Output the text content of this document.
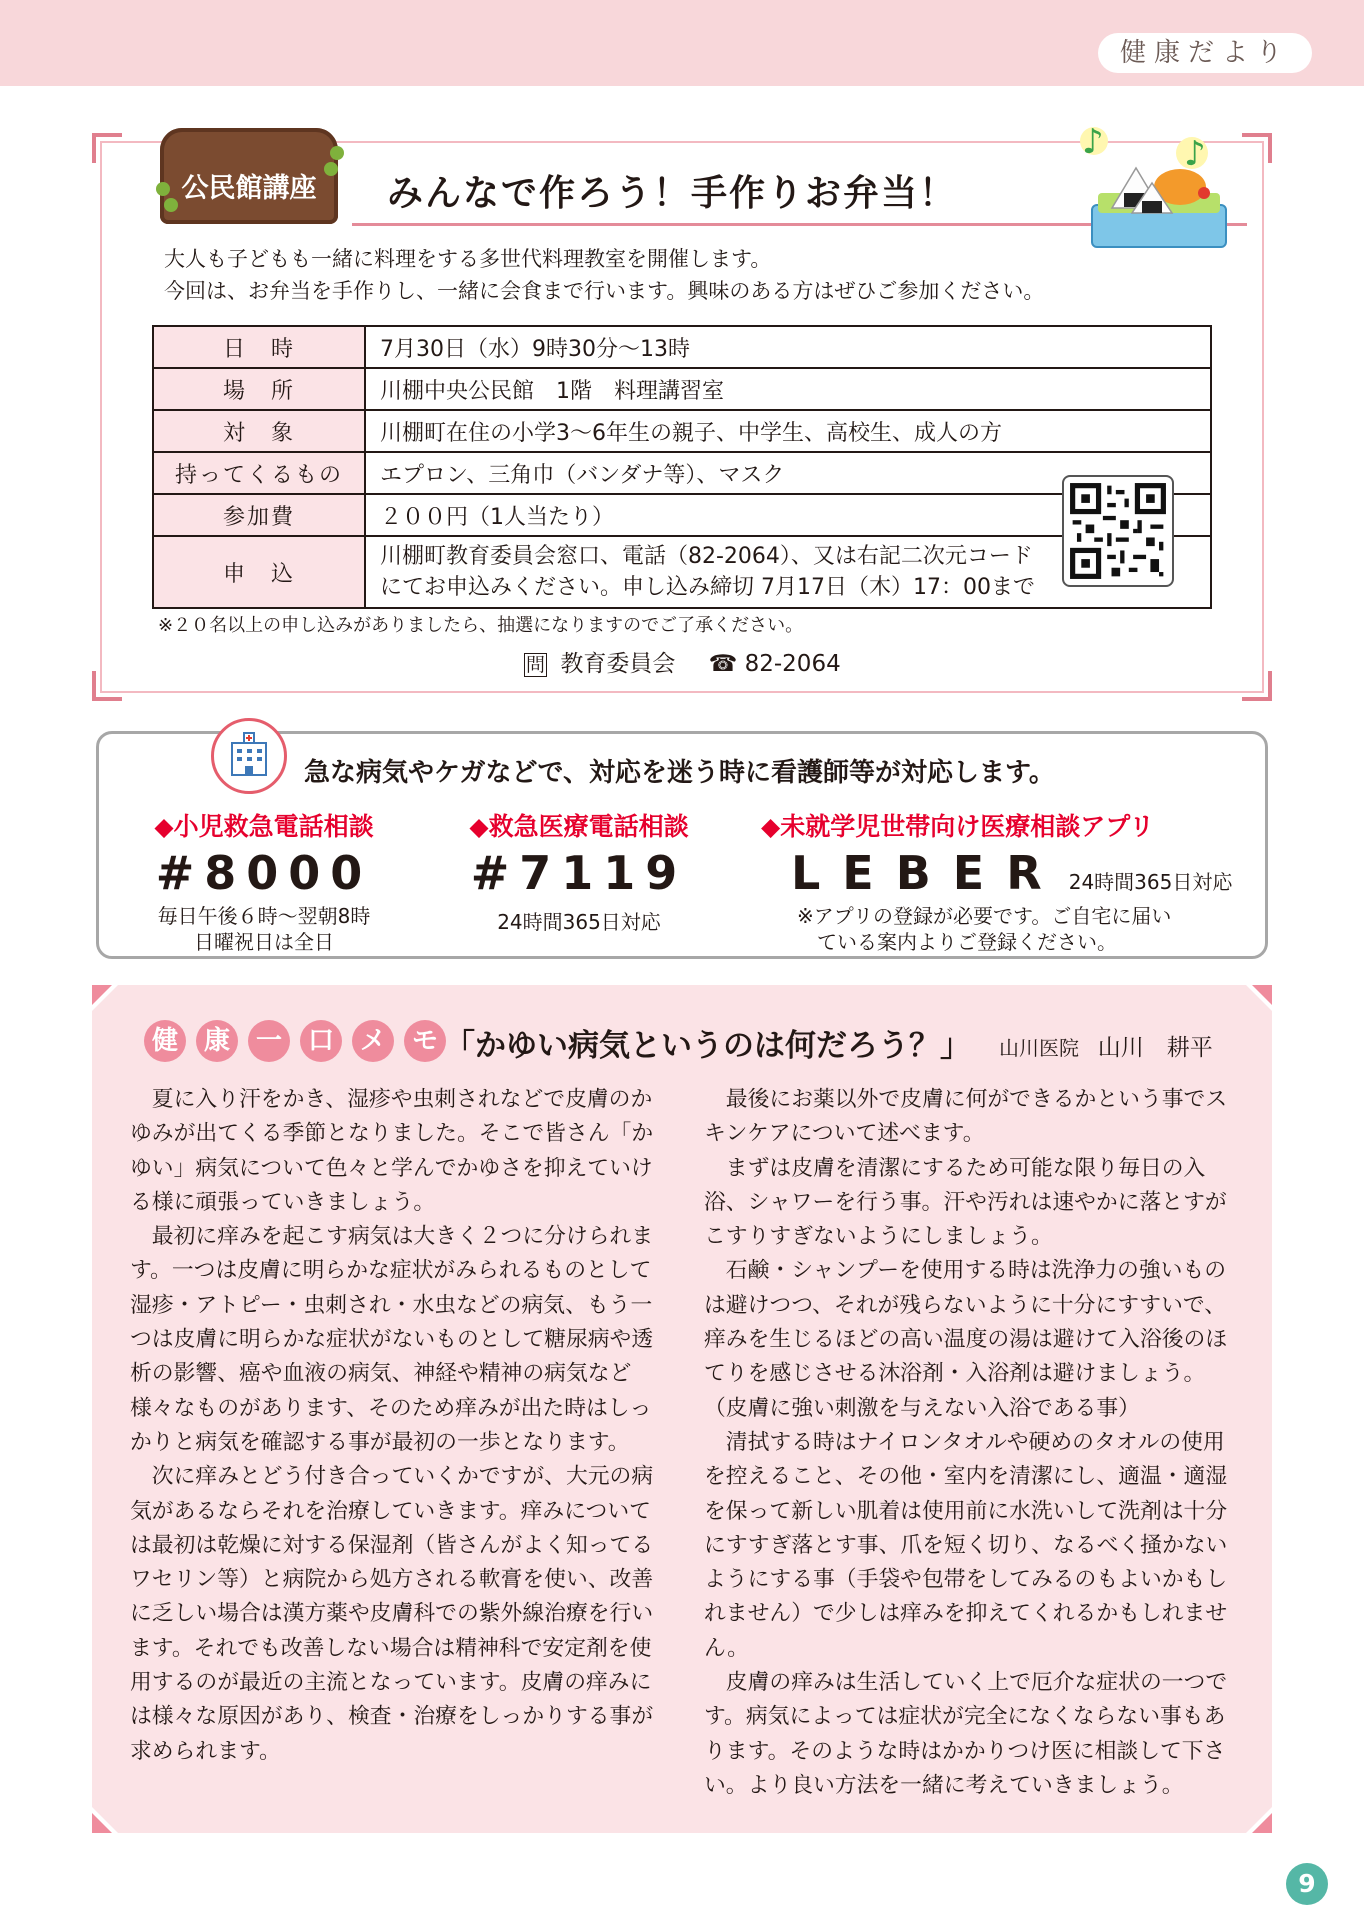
健康だより
公民館講座	みんなで作ろう！手作りお弁当！
♪ ♪
大人も子どもも一緒に料理をする多世代料理教室を開催します。
今回は、お弁当を手作りし、一緒に会食まで行います。興味のある方はぜひご参加ください。
日　時	7月30日（水）9時30分～13時
場　所	川棚中央公民館　1階　料理講習室
対　象	川棚町在住の小学3～6年生の親子、中学生、高校生、成人の方
持ってくるもの	エプロン、三角巾（バンダナ等）、マスク
参加費	２００円（1人当たり）
申　込	川棚町教育委員会窓口、電話（82-2064）、又は右記二次元コード
にてお申込みください。申し込み締切 7月17日（木）17：00まで
※２０名以上の申し込みがありましたら、抽選になりますのでご了承ください。
問 教育委員会 ☎ 82-2064
急な病気やケガなどで、対応を迷う時に看護師等が対応します。
◆小児救急電話相談
#8000
毎日午後６時～翌朝8時
日曜祝日は全日
◆救急医療電話相談
#7119
24時間365日対応
◆未就学児世帯向け医療相談アプリ
LEBER 24時間365日対応
※アプリの登録が必要です。ご自宅に届い
ている案内よりご登録ください。
健 康 一 口 メ モ 「かゆい病気というのは何だろう？」 山川医院 山川　耕平

夏に入り汗をかき、湿疹や虫刺されなどで皮膚のかゆみが出てくる季節となりました。そこで皆さん「かゆい」病気について色々と学んでかゆさを抑えていける様に頑張っていきましょう。

最初に痒みを起こす病気は大きく２つに分けられます。一つは皮膚に明らかな症状がみられるものとして湿疹・アトピー・虫刺され・水虫などの病気、もう一つは皮膚に明らかな症状がないものとして糖尿病や透析の影響、癌や血液の病気、神経や精神の病気など様々なものがあります、そのため痒みが出た時はしっかりと病気を確認する事が最初の一歩となります。

次に痒みとどう付き合っていくかですが、大元の病気があるならそれを治療していきます。痒みについては最初は乾燥に対する保湿剤（皆さんがよく知ってるワセリン等）と病院から処方される軟膏を使い、改善に乏しい場合は漢方薬や皮膚科での紫外線治療を行います。それでも改善しない場合は精神科で安定剤を使用するのが最近の主流となっています。皮膚の痒みには様々な原因があり、検査・治療をしっかりする事が求められます。

最後にお薬以外で皮膚に何ができるかという事でスキンケアについて述べます。

まずは皮膚を清潔にするため可能な限り毎日の入浴、シャワーを行う事。汗や汚れは速やかに落とすがこすりすぎないようにしましょう。

石鹸・シャンプーを使用する時は洗浄力の強いものは避けつつ、それが残らないように十分にすすいで、痒みを生じるほどの高い温度の湯は避けて入浴後のほてりを感じさせる沐浴剤・入浴剤は避けましょう。（皮膚に強い刺激を与えない入浴である事）

清拭する時はナイロンタオルや硬めのタオルの使用を控えること、その他・室内を清潔にし、適温・適湿を保って新しい肌着は使用前に水洗いして洗剤は十分にすすぎ落とす事、爪を短く切り、なるべく掻かないようにする事（手袋や包帯をしてみるのもよいかもしれません）で少しは痒みを抑えてくれるかもしれません。

皮膚の痒みは生活していく上で厄介な症状の一つです。病気によっては症状が完全になくならない事もあります。そのような時はかかりつけ医に相談して下さい。より良い方法を一緒に考えていきましょう。

9
